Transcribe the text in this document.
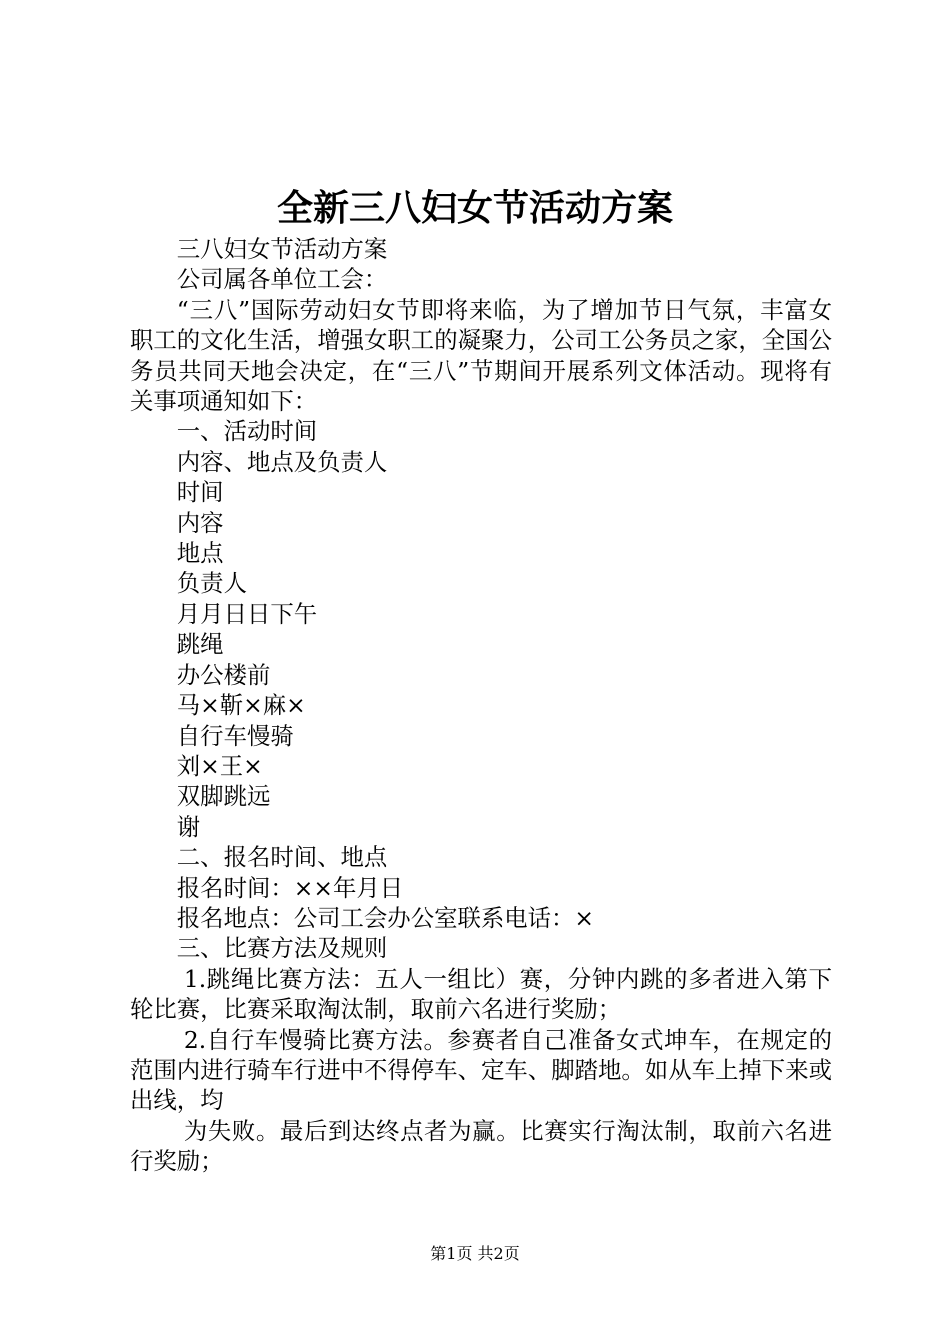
全新三八妇女节活动方案

三八妇女节活动方案

公司属各单位工会：

“三八”国际劳动妇女节即将来临，为了增加节日气氛，丰富女职工的文化生活，增强女职工的凝聚力，公司工公务员之家，全国公务员共同天地会决定，在“三八”节期间开展系列文体活动。现将有关事项通知如下：

一、活动时间

内容、地点及负责人

时间

内容

地点

负责人

月月日日下午

跳绳

办公楼前

马×靳×麻×

自行车慢骑

刘×王×

双脚跳远

谢

二、报名时间、地点

报名时间：××年月日

报名地点：公司工会办公室联系电话：×

三、比赛方法及规则

1.跳绳比赛方法：五人一组比）赛，分钟内跳的多者进入第下轮比赛，比赛采取淘汰制，取前六名进行奖励；

2.自行车慢骑比赛方法。参赛者自己准备女式坤车，在规定的范围内进行骑车行进中不得停车、定车、脚踏地。如从车上掉下来或出线，均

为失败。最后到达终点者为赢。比赛实行淘汰制，取前六名进行奖励；

第1页 共2页
